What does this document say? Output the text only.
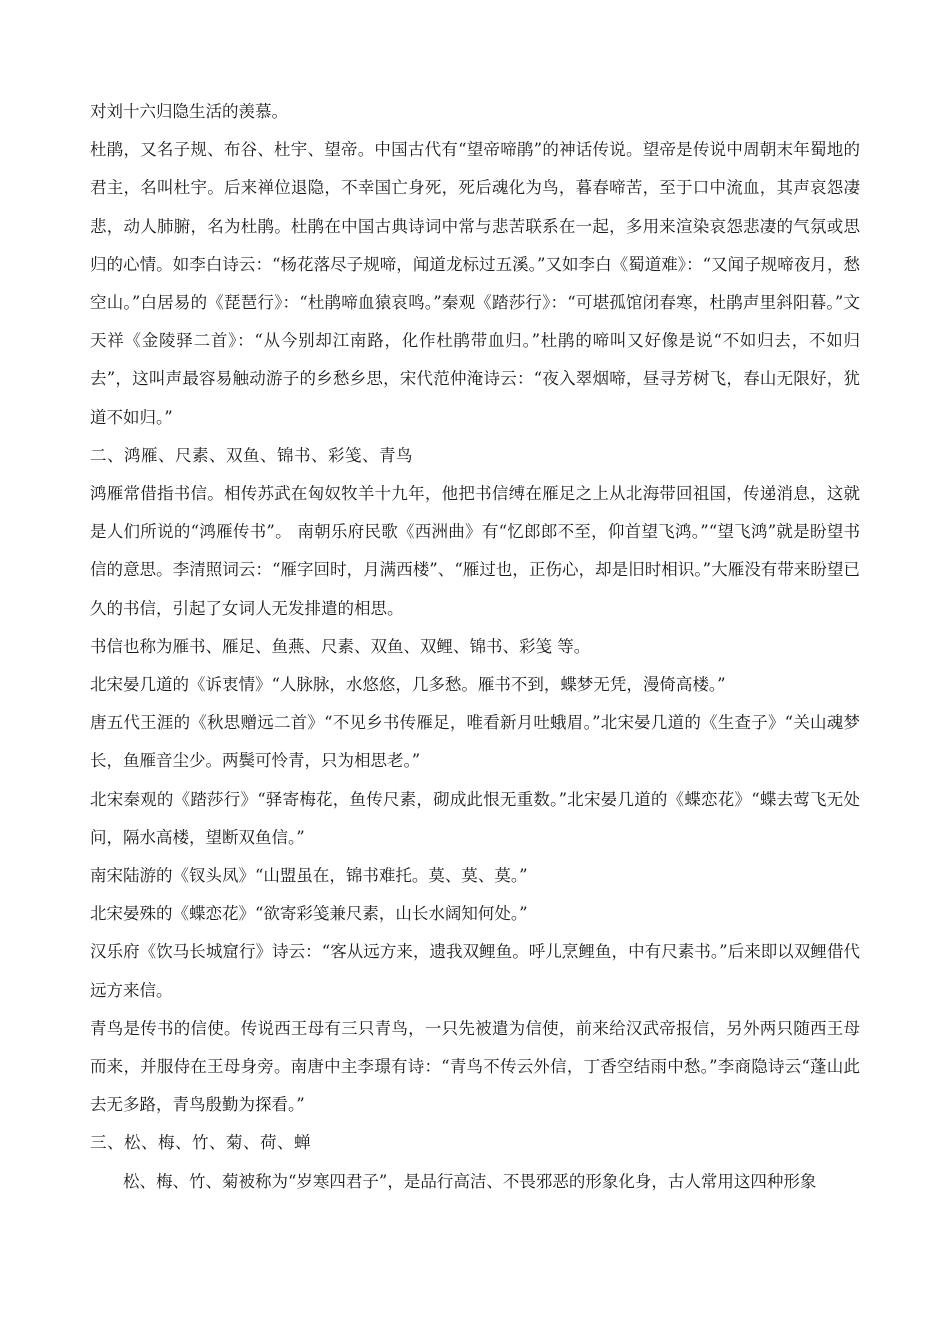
对刘十六归隐生活的羡慕。

杜鹃，又名子规、布谷、杜宇、望帝。中国古代有“望帝啼鹃”的神话传说。望帝是传说中周朝末年蜀地的君主，名叫杜宇。后来禅位退隐，不幸国亡身死，死后魂化为鸟，暮春啼苦，至于口中流血，其声哀怨凄悲，动人肺腑，名为杜鹃。杜鹃在中国古典诗词中常与悲苦联系在一起，多用来渲染哀怨悲凄的气氛或思归的心情。如李白诗云：“杨花落尽子规啼，闻道龙标过五溪。”又如李白《蜀道难》：“又闻子规啼夜月，愁空山。”白居易的《琵琶行》：“杜鹃啼血猿哀鸣。”秦观《踏莎行》：“可堪孤馆闭春寒，杜鹃声里斜阳暮。”文天祥《金陵驿二首》：“从今别却江南路，化作杜鹃带血归。”杜鹃的啼叫又好像是说“不如归去，不如归去”，这叫声最容易触动游子的乡愁乡思，宋代范仲淹诗云：“夜入翠烟啼，昼寻芳树飞，春山无限好，犹道不如归。”

二、鸿雁、尺素、双鱼、锦书、彩笺、青鸟

鸿雁常借指书信。相传苏武在匈奴牧羊十九年，他把书信缚在雁足之上从北海带回祖国，传递消息，这就是人们所说的“鸿雁传书”。 南朝乐府民歌《西洲曲》有“忆郎郎不至，仰首望飞鸿。”“望飞鸿”就是盼望书信的意思。李清照词云：“雁字回时，月满西楼”、“雁过也，正伤心，却是旧时相识。”大雁没有带来盼望已久的书信，引起了女词人无发排遣的相思。

书信也称为雁书、雁足、鱼燕、尺素、双鱼、双鲤、锦书、彩笺 等。

北宋晏几道的《诉衷情》“人脉脉，水悠悠，几多愁。雁书不到，蝶梦无凭，漫倚高楼。”

唐五代王涯的《秋思赠远二首》“不见乡书传雁足，唯看新月吐蛾眉。”北宋晏几道的《生查子》“关山魂梦长，鱼雁音尘少。两鬓可怜青，只为相思老。”

北宋秦观的《踏莎行》“驿寄梅花，鱼传尺素，砌成此恨无重数。”北宋晏几道的《蝶恋花》“蝶去莺飞无处问，隔水高楼，望断双鱼信。”

南宋陆游的《钗头凤》“山盟虽在，锦书难托。莫、莫、莫。”

北宋晏殊的《蝶恋花》“欲寄彩笺兼尺素，山长水阔知何处。”

汉乐府《饮马长城窟行》诗云：“客从远方来，遗我双鲤鱼。呼儿烹鲤鱼，中有尺素书。”后来即以双鲤借代远方来信。

青鸟是传书的信使。传说西王母有三只青鸟，一只先被遣为信使，前来给汉武帝报信，另外两只随西王母而来，并服侍在王母身旁。南唐中主李璟有诗：“青鸟不传云外信，丁香空结雨中愁。”李商隐诗云“蓬山此去无多路，青鸟殷勤为探看。”

三、松、梅、竹、菊、荷、蝉

松、梅、竹、菊被称为“岁寒四君子”，是品行高洁、不畏邪恶的形象化身，古人常用这四种形象
